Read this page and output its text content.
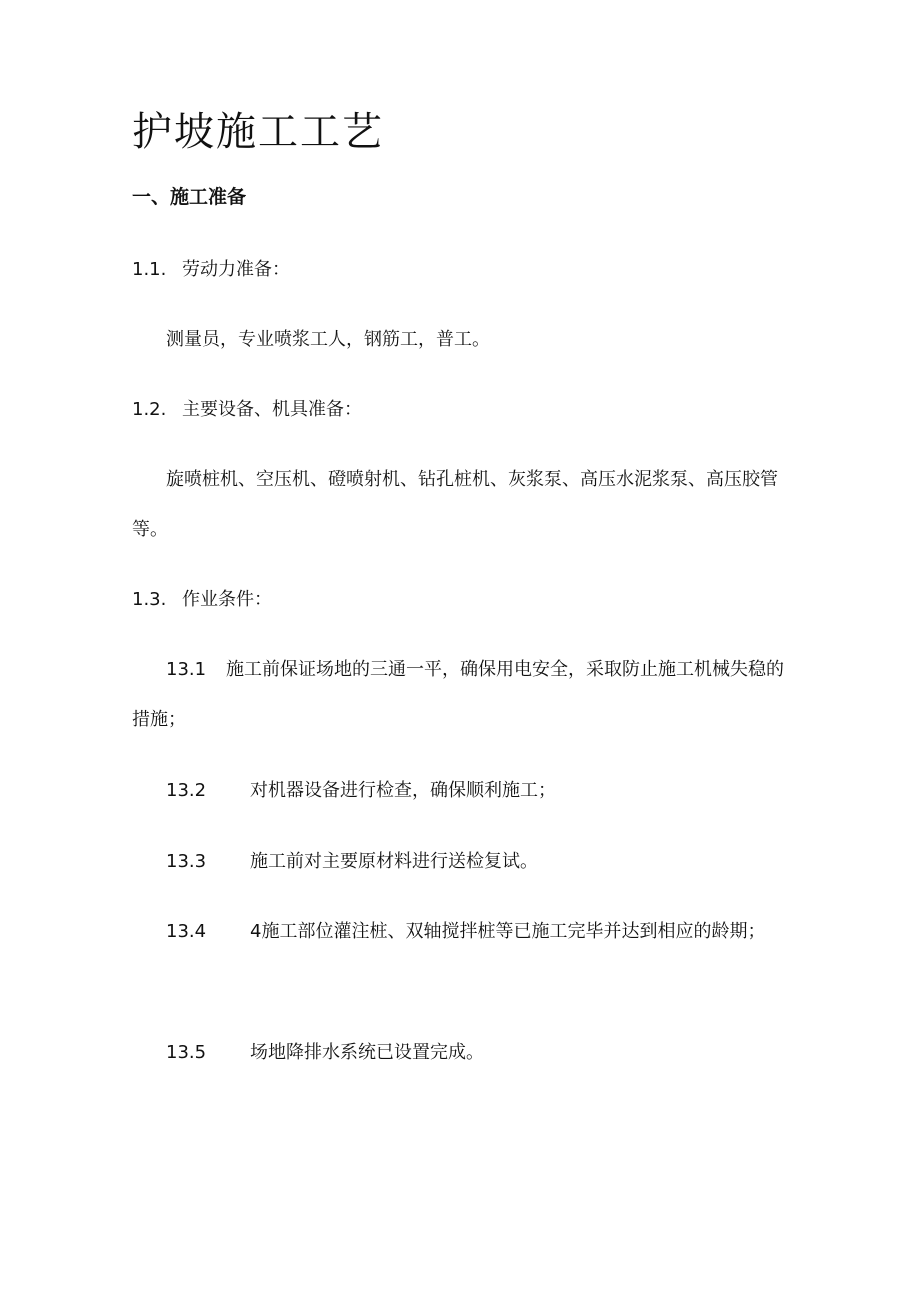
护坡施工工艺
一、施工准备
1.1. 劳动力准备：
测量员，专业喷浆工人，钢筋工，普工。
1.2. 主要设备、机具准备：

旋喷桩机、空压机、磴喷射机、钻孔桩机、灰浆泵、高压水泥浆泵、高压胶管等。

1.3. 作业条件：

13.1 施工前保证场地的三通一平，确保用电安全，采取防止施工机械失稳的措施；

13.2 对机器设备进行检查，确保顺利施工；
13.3 施工前对主要原材料进行送检复试。

13.4 4施工部位灌注桩、双轴搅拌桩等已施工完毕并达到相应的龄期；

13.5 场地降排水系统已设置完成。
